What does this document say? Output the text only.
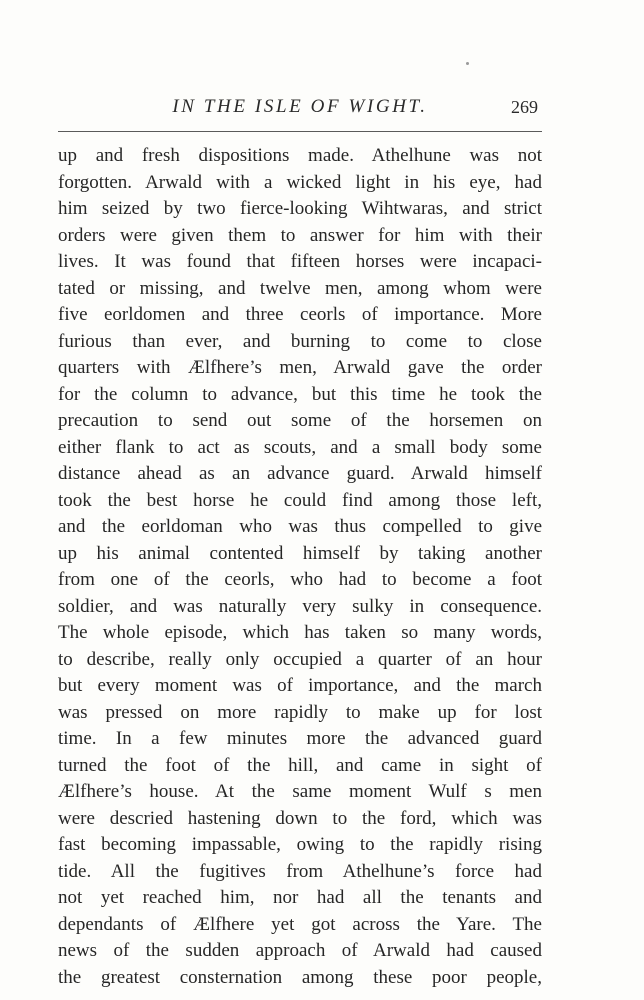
IN THE ISLE OF WIGHT.	269
up and fresh dispositions made. Athelhune was not
forgotten. Arwald with a wicked light in his eye, had
him seized by two fierce-looking Wihtwaras, and strict
orders were given them to answer for him with their
lives. It was found that fifteen horses were incapaci-
tated or missing, and twelve men, among whom were
five eorldomen and three ceorls of importance. More
furious than ever, and burning to come to close
quarters with Ælfhere’s men, Arwald gave the order
for the column to advance, but this time he took the
precaution to send out some of the horsemen on
either flank to act as scouts, and a small body some
distance ahead as an advance guard. Arwald himself
took the best horse he could find among those left,
and the eorldoman who was thus compelled to give
up his animal contented himself by taking another
from one of the ceorls, who had to become a foot
soldier, and was naturally very sulky in consequence.
The whole episode, which has taken so many words,
to describe, really only occupied a quarter of an hour
but every moment was of importance, and the march
was pressed on more rapidly to make up for lost
time. In a few minutes more the advanced guard
turned the foot of the hill, and came in sight of
Ælfhere’s house. At the same moment Wulf s men
were descried hastening down to the ford, which was
fast becoming impassable, owing to the rapidly rising
tide. All the fugitives from Athelhune’s force had
not yet reached him, nor had all the tenants and
dependants of Ælfhere yet got across the Yare. The
news of the sudden approach of Arwald had caused
the greatest consternation among these poor people,
